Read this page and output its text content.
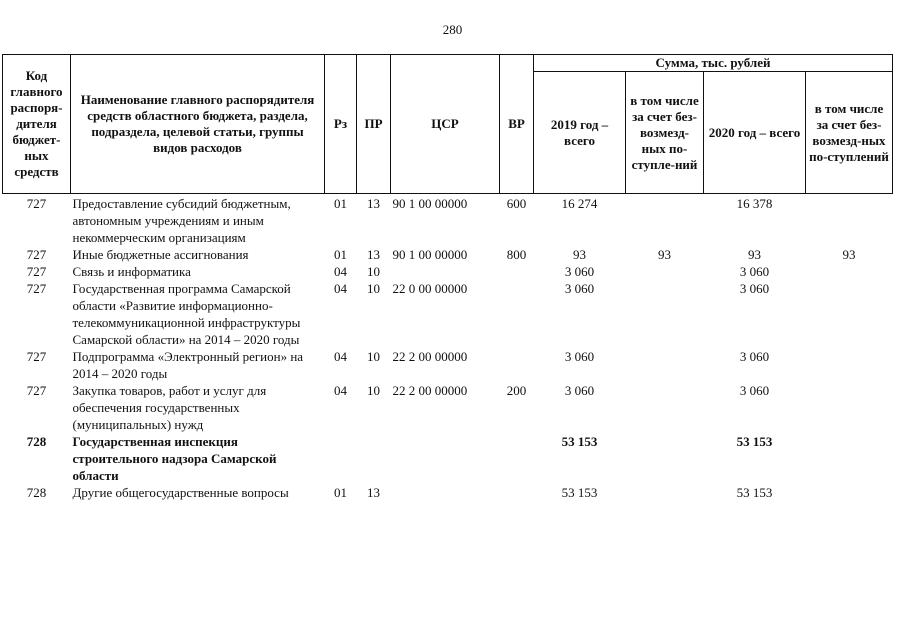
280
Код главного распоря-дителя бюджет-ных средств	Наименование главного распорядителя средств областного бюджета, раздела, подраздела, целевой статьи, группы видов расходов	Рз	ПР	ЦСР	ВР	Сумма, тыс. рублей			
						2019 год – всего	в том числе за счет без-возмезд-ных по-ступле-ний	2020 год – всего	в том числе за счет без-возмезд-ных по-ступлений
727	Предоставление субсидий бюджетным, автономным учреждениям и иным некоммерческим организациям	01	13	90 1 00 00000	600	16 274		16 378	
727	Иные бюджетные ассигнования	01	13	90 1 00 00000	800	93	93	93	93
727	Связь и информатика	04	10			3 060		3 060	
727	Государственная программа Самарской области «Развитие информационно-телекоммуникационной инфраструктуры Самарской области» на 2014 – 2020 годы	04	10	22 0 00 00000		3 060		3 060	
727	Подпрограмма «Электронный регион» на 2014 – 2020 годы	04	10	22 2 00 00000		3 060		3 060	
727	Закупка товаров, работ и услуг для обеспечения государственных (муниципальных) нужд	04	10	22 2 00 00000	200	3 060		3 060	
728	Государственная инспекция строительного надзора Самарской области					53 153		53 153	
728	Другие общегосударственные вопросы	01	13			53 153		53 153	
